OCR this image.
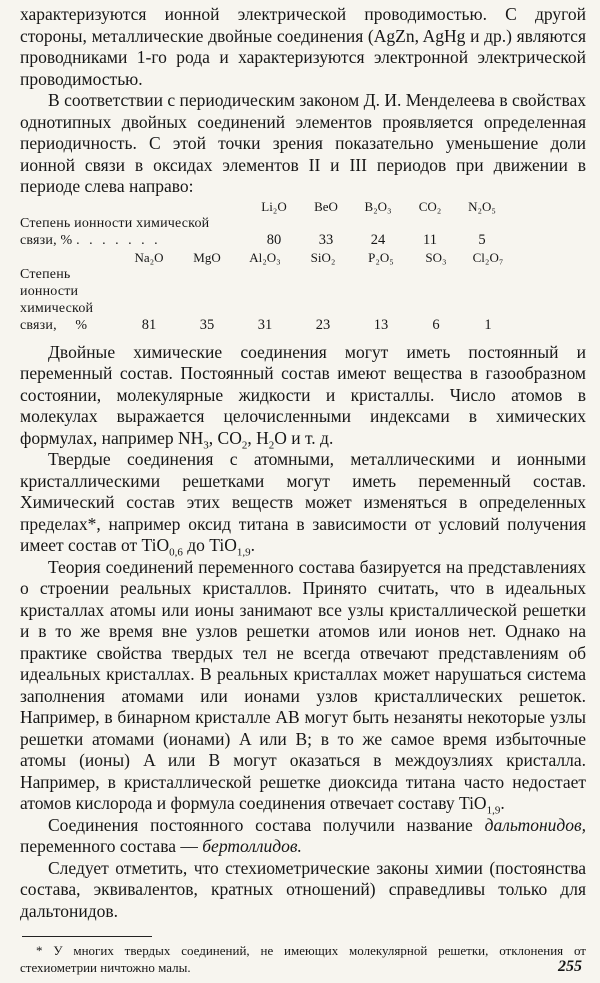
характеризуются ионной электрической проводимостью. С другой стороны, металлические двойные соединения (AgZn, AgHg и др.) являются проводниками 1-го рода и характеризуются электронной электрической проводимостью.

В соответствии с периодическим законом Д. И. Менделеева в свойствах однотипных двойных соединений элементов проявляется определенная периодичность. С этой точки зрения показательно уменьшение доли ионной связи в оксидах элементов II и III периодов при движении в периоде слева направо:

	Li₂O	BeO	B₂O₃	CO₂	N₂O₅

Степень ионности химической
связи, % . . . . . . .	80	33	24	11	5
	Na₂O	MgO	Al₂O₃	SiO₂	P₂O₅	SO₃	Cl₂O₇

Степень
ионности
химической
связи, %	81	35	31	23	13	6	1

Двойные химические соединения могут иметь постоянный и переменный состав. Постоянный состав имеют вещества в газообразном состоянии, молекулярные жидкости и кристаллы. Число атомов в молекулах выражается целочисленными индексами в химических формулах, например $NH_3$, $CO_2$, $H_2O$ и т. д.

Твердые соединения с атомными, металлическими и ионными кристаллическими решетками могут иметь переменный состав. Химический состав этих веществ может изменяться в определенных пределах*, например оксид титана в зависимости от условий получения имеет состав от TiO$_{0,6}$ до TiO$_{1,9}$.

Теория соединений переменного состава базируется на представлениях о строении реальных кристаллов. Принято считать, что в идеальных кристаллах атомы или ионы занимают все узлы кристаллической решетки и в то же время вне узлов решетки атомов или ионов нет. Однако на практике свойства твердых тел не всегда отвечают представлениям об идеальных кристаллах. В реальных кристаллах может нарушаться система заполнения атомами или ионами узлов кристаллических решеток. Например, в бинарном кристалле AB могут быть незаняты некоторые узлы решетки атомами (ионами) A или B; в то же самое время избыточные атомы (ионы) A или B могут оказаться в междоузлиях кристалла. Например, в кристаллической решетке диоксида титана часто недостает атомов кислорода и формула соединения отвечает составу TiO$_{1,9}$.

Соединения постоянного состава получили название дальтонидов, переменного состава — бертоллидов.

Следует отметить, что стехиометрические законы химии (постоянства состава, эквивалентов, кратных отношений) справедливы только для дальтонидов.

* У многих твердых соединений, не имеющих молекулярной решетки, отклонения от стехиометрии ничтожно малы.	255
